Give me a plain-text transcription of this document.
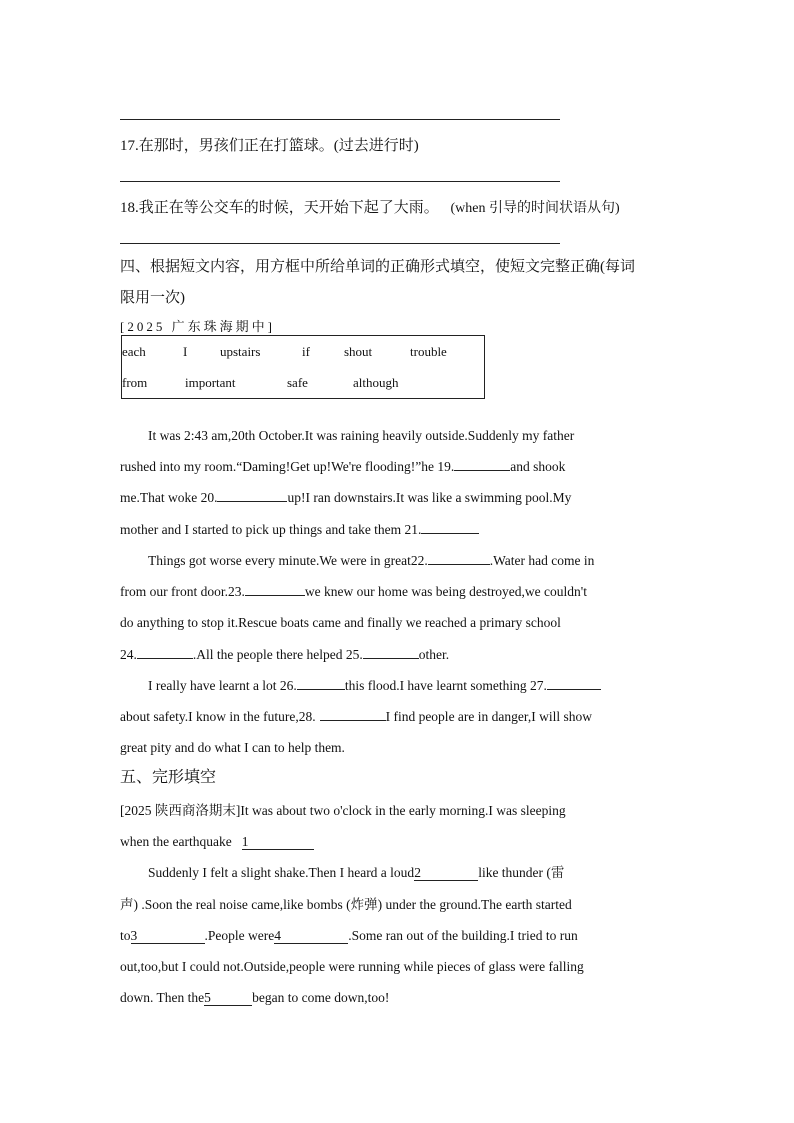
17.在那时，男孩们正在打篮球。(过去进行时)
18.我正在等公交车的时候，天开始下起了大雨。 (when 引导的时间状语从句)
四、根据短文内容，用方框中所给单词的正确形式填空，使短文完整正确(每词
限用一次)
[2025 广东珠海期中]
each	I	upstairs	if	shout	trouble
from	important	safe	although
It was 2:43 am,20th October.It was raining heavily outside.Suddenly my father
rushed into my room.“Daming!Get up!We're flooding!”he 19.	and shook
me.That woke 20.	up!I ran downstairs.It was like a swimming pool.My
mother and I started to pick up things and take them 21.
Things got worse every minute.We were in great22.	.Water had come in
from our front door.23.	we knew our home was being destroyed,we couldn't
do anything to stop it.Rescue boats came and finally we reached a primary school
24.	.All the people there helped 25.	other.
I really have learnt a lot 26.	this flood.I have learnt something 27.
about safety.I know in the future,28.	I find people are in danger,I will show
great pity and do what I can to help them.
五、完形填空
[2025 陕西商洛期末]It was about two o'clock in the early morning.I was sleeping
when the earthquake 1
Suddenly I felt a slight shake.Then I heard a loud2	like thunder (雷
声) .Soon the real noise came,like bombs (炸弹) under the ground.The earth started
to3	.People were4	.Some ran out of the building.I tried to run
out,too,but I could not.Outside,people were running while pieces of glass were falling
down. Then the5	began to come down,too!
